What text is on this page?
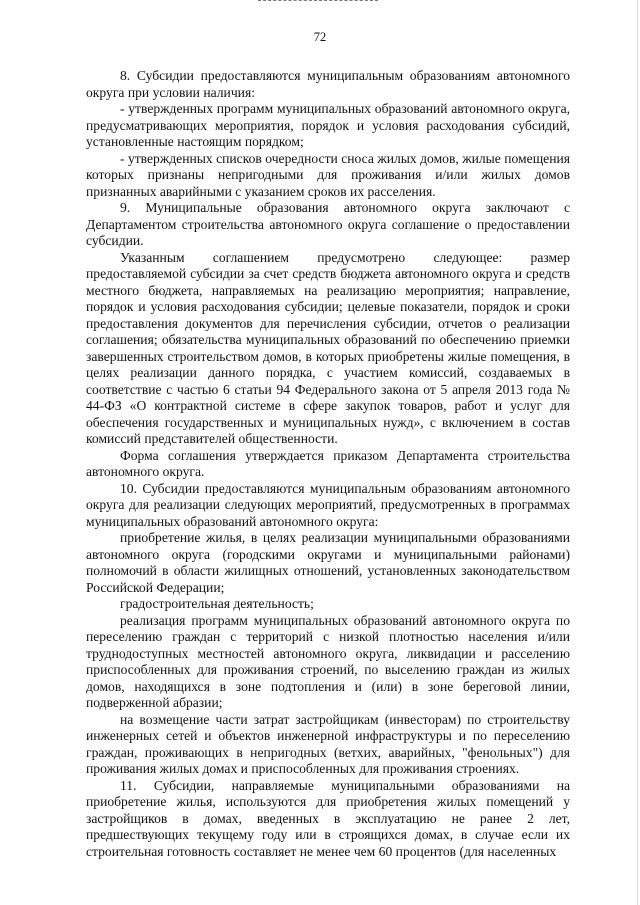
72

8. Субсидии предоставляются муниципальным образованиям автономного округа при условии наличия:

- утвержденных программ муниципальных образований автономного округа, предусматривающих мероприятия, порядок и условия расходования субсидий, установленные настоящим порядком;

- утвержденных списков очередности сноса жилых домов, жилые помещения которых признаны непригодными для проживания и/или жилых домов признанных аварийными с указанием сроков их расселения.

9. Муниципальные образования автономного округа заключают с Департаментом строительства автономного округа соглашение о предоставлении субсидии.

Указанным соглашением предусмотрено следующее: размер предоставляемой субсидии за счет средств бюджета автономного округа и средств местного бюджета, направляемых на реализацию мероприятия; направление, порядок и условия расходования субсидии; целевые показатели, порядок и сроки предоставления документов для перечисления субсидии, отчетов о реализации соглашения; обязательства муниципальных образований по обеспечению приемки завершенных строительством домов, в которых приобретены жилые помещения, в целях реализации данного порядка, с участием комиссий, создаваемых в соответствие с частью 6 статьи 94 Федерального закона от 5 апреля 2013 года № 44-ФЗ «О контрактной системе в сфере закупок товаров, работ и услуг для обеспечения государственных и муниципальных нужд», с включением в состав комиссий представителей общественности.

Форма соглашения утверждается приказом Департамента строительства автономного округа.

10. Субсидии предоставляются муниципальным образованиям автономного округа для реализации следующих мероприятий, предусмотренных в программах муниципальных образований автономного округа:

приобретение жилья, в целях реализации муниципальными образованиями автономного округа (городскими округами и муниципальными районами) полномочий в области жилищных отношений, установленных законодательством Российской Федерации;

градостроительная деятельность;

реализация программ муниципальных образований автономного округа по переселению граждан с территорий с низкой плотностью населения и/или труднодоступных местностей автономного округа, ликвидации и расселению приспособленных для проживания строений, по выселению граждан из жилых домов, находящихся в зоне подтопления и (или) в зоне береговой линии, подверженной абразии;

на возмещение части затрат застройщикам (инвесторам) по строительству инженерных сетей и объектов инженерной инфраструктуры и по переселению граждан, проживающих в непригодных (ветхих, аварийных, "фенольных") для проживания жилых домах и приспособленных для проживания строениях.

11. Субсидии, направляемые муниципальными образованиями на приобретение жилья, используются для приобретения жилых помещений у застройщиков в домах, введенных в эксплуатацию не ранее 2 лет, предшествующих текущему году или в строящихся домах, в случае если их строительная готовность составляет не менее чем 60 процентов (для населенных
